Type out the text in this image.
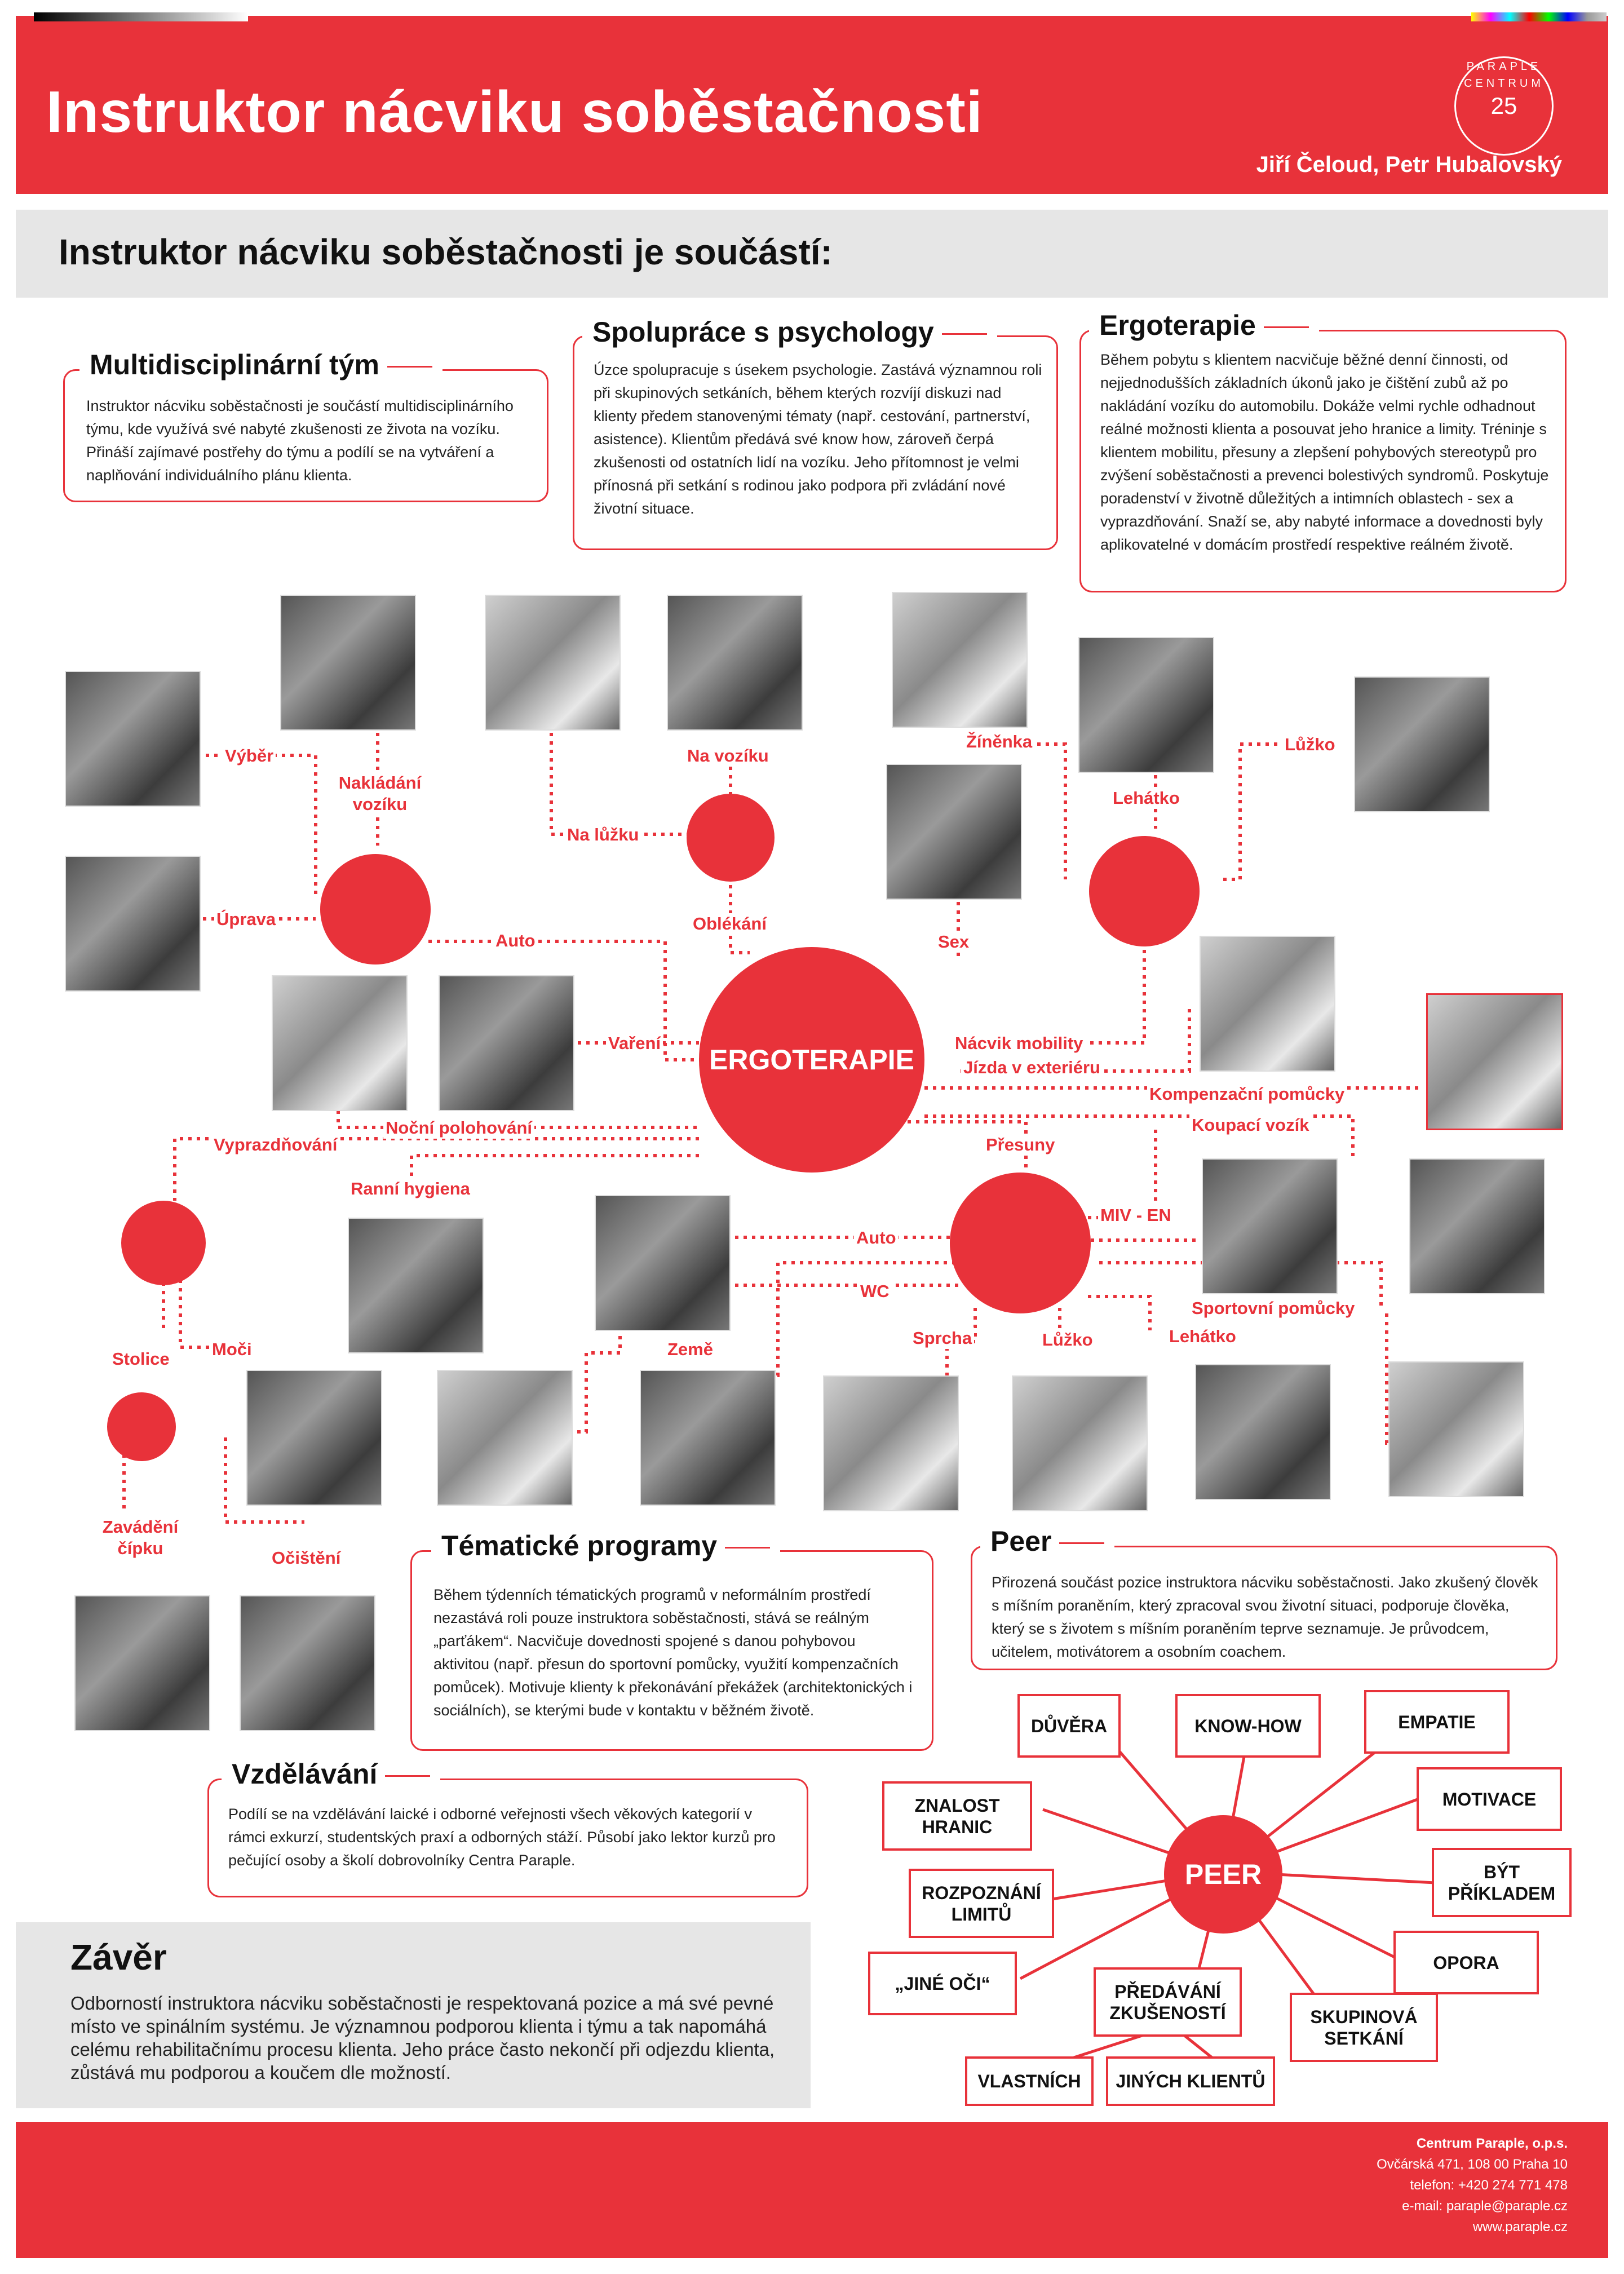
Instruktor nácviku soběstačnosti
Jiří Čeloud, Petr Hubalovský
PARAPLE CENTRUM
25
Instruktor nácviku soběstačnosti je součástí:
Multidisciplinární tým
Instruktor nácviku soběstačnosti je součástí multidisciplinárního týmu, kde využívá své nabyté zkušenosti ze života na vozíku. Přináší zajímavé postřehy do týmu a podílí se na vytváření a naplňování individuálního plánu klienta.
Spolupráce s psychology
Úzce spolupracuje s úsekem psychologie. Zastává významnou roli při skupinových setkáních, během kterých rozvíjí diskuzi nad klienty předem stanovenými tématy (např. cestování, partnerství, asistence). Klientům předává své know how, zároveň čerpá zkušenosti od ostatních lidí na vozíku. Jeho přítomnost je velmi přínosná při setkání s rodinou jako podpora při zvládání nové životní situace.
Ergoterapie
Během pobytu s klientem nacvičuje běžné denní činnosti, od nejjednodušších základních úkonů jako je čištění zubů až po nakládání vozíku do automobilu. Dokáže velmi rychle odhadnout reálné možnosti klienta a posouvat jeho hranice a limity. Tréninje s klientem mobilitu, přesuny a zlepšení pohybových stereotypů pro zvýšení soběstačnosti a prevenci bolestivých syndromů. Poskytuje poradenství v životně důležitých a intimních oblastech - sex a vyprazdňování. Snaží se, aby nabyté informace a dovednosti byly aplikovatelné v domácím prostředí respektive reálném životě.
ERGOTERAPIE
Výběr
Nakládání vozíku
Úprava
Auto
Na lůžku
Na vozíku
Oblékání
Žíněnka
Lehátko
Lůžko
Sex
Vaření	Nácvik mobility
Jízda v exteriéru
Kompenzační pomůcky
Koupací vozík
Noční polohování
Vyprazdňování
Ranní hygiena
Přesuny
Auto
MIV - EN
WC
Sportovní pomůcky
Země
Sprcha	Lůžko	Lehátko
Stolice Moči
Zavádění čípku	Očištění	Tématické programy
Během týdenních tématických programů v neformálním prostředí nezastává roli pouze instruktora soběstačnosti, stává se reálným „parťákem“. Nacvičuje dovednosti spojené s danou pohybovou aktivitou (např. přesun do sportovní pomůcky, využití kompenzačních pomůcek). Motivuje klienty k překonávání překážek (architektonických i sociálních), se kterými bude v kontaktu v běžném životě.
Peer
Přirozená součást pozice instruktora nácviku soběstačnosti. Jako zkušený člověk s míšním poraněním, který zpracoval svou životní situaci, podporuje člověka, který se s životem s míšním poraněním teprve seznamuje. Je průvodcem, učitelem, motivátorem a osobním coachem.
Vzdělávání
Podílí se na vzdělávání laické i odborné veřejnosti všech věkových kategorií v rámci exkurzí, studentských praxí a odborných stáží. Působí jako lektor kurzů pro pečující osoby a školí dobrovolníky Centra Paraple.	PEER
DŮVĚRA	KNOW-HOW	EMPATIE
MOTIVACE
BÝT PŘÍKLADEM
OPORA
SKUPINOVÁ SETKÁNÍ
PŘEDÁVÁNÍ ZKUŠENOSTÍ
VLASTNÍCH	JINÝCH KLIENTŮ
„JINÉ OČI“
ROZPOZNÁNÍ LIMITŮ
ZNALOST HRANIC
Závěr
Odborností instruktora nácviku soběstačnosti je respektovaná pozice a má své pevné místo ve spinálním systému. Je významnou podporou klienta i týmu a tak napomáhá celému rehabilitačnímu procesu klienta. Jeho práce často nekončí při odjezdu klienta, zůstává mu podporou a koučem dle možností.
Centrum Paraple, o.p.s.
Ovčárská 471, 108 00 Praha 10
telefon: +420 274 771 478
e-mail: paraple@paraple.cz
www.paraple.cz
